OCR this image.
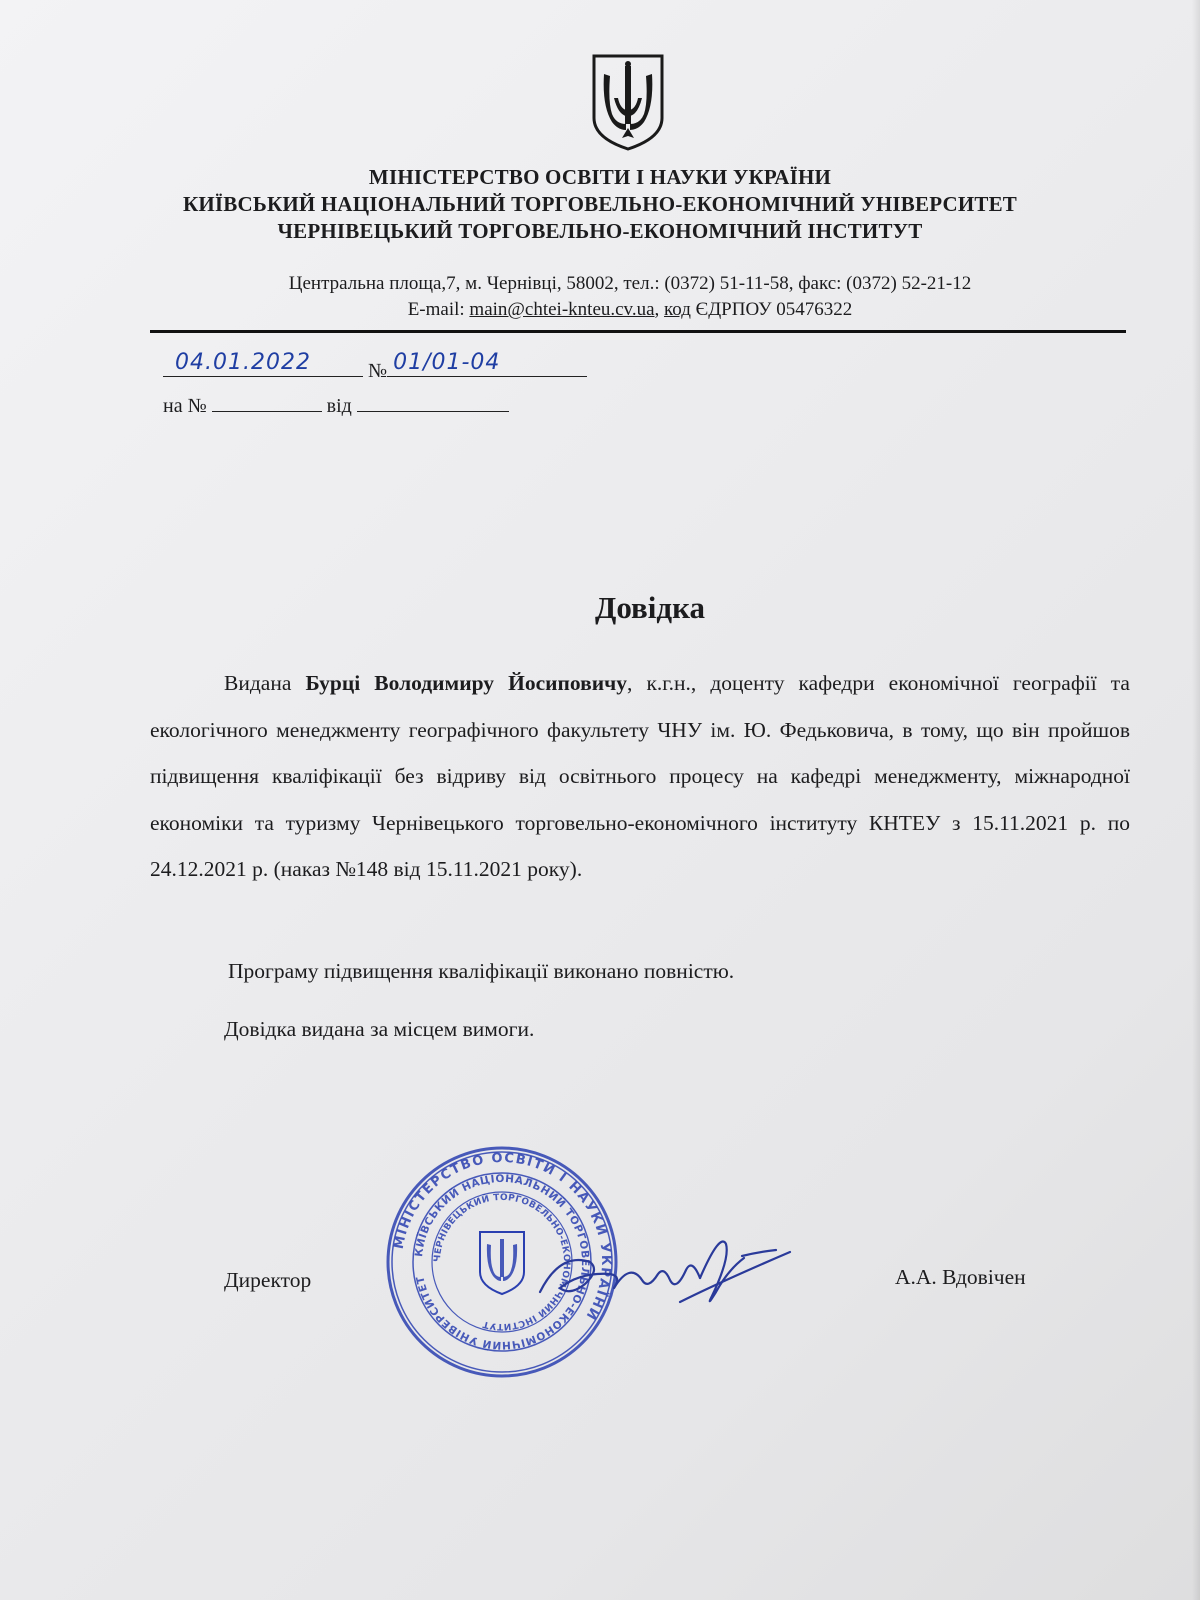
МІНІСТЕРСТВО ОСВІТИ І НАУКИ УКРАЇНИ
КИЇВСЬКИЙ НАЦІОНАЛЬНИЙ ТОРГОВЕЛЬНО-ЕКОНОМІЧНИЙ УНІВЕРСИТЕТ
ЧЕРНІВЕЦЬКИЙ ТОРГОВЕЛЬНО-ЕКОНОМІЧНИЙ ІНСТИТУТ
Центральна площа,7, м. Чернівці, 58002, тел.: (0372) 51-11-58, факс: (0372) 52-21-12
E-mail: main@chtei-knteu.cv.ua, код ЄДРПОУ 05476322
04.01.2022	№ 01/01-04
на №	від
Довідка
Видана Бурці Володимиру Йосиповичу, к.г.н., доценту кафедри економічної географії та екологічного менеджменту географічного факультету ЧНУ ім. Ю. Федьковича, в тому, що він пройшов підвищення кваліфікації без відриву від освітнього процесу на кафедрі менеджменту, міжнародної економіки та туризму Чернівецького торговельно-економічного інституту КНТЕУ з 15.11.2021 р. по 24.12.2021 р. (наказ №148 від 15.11.2021 року).
Програму підвищення кваліфікації виконано повністю.
Довідка видана за місцем вимоги.
Директор	А.А. Вдовічен
МІНІСТЕРСТВО ОСВІТИ І НАУКИ УКРАЇНИ
КИЇВСЬКИЙ НАЦІОНАЛЬНИЙ ТОРГОВЕЛЬНО-ЕКОНОМІЧНИЙ УНІВЕРСИТЕТ
ЧЕРНІВЕЦЬКИЙ ТОРГОВЕЛЬНО-ЕКОНОМІЧНИЙ ІНСТИТУТ
